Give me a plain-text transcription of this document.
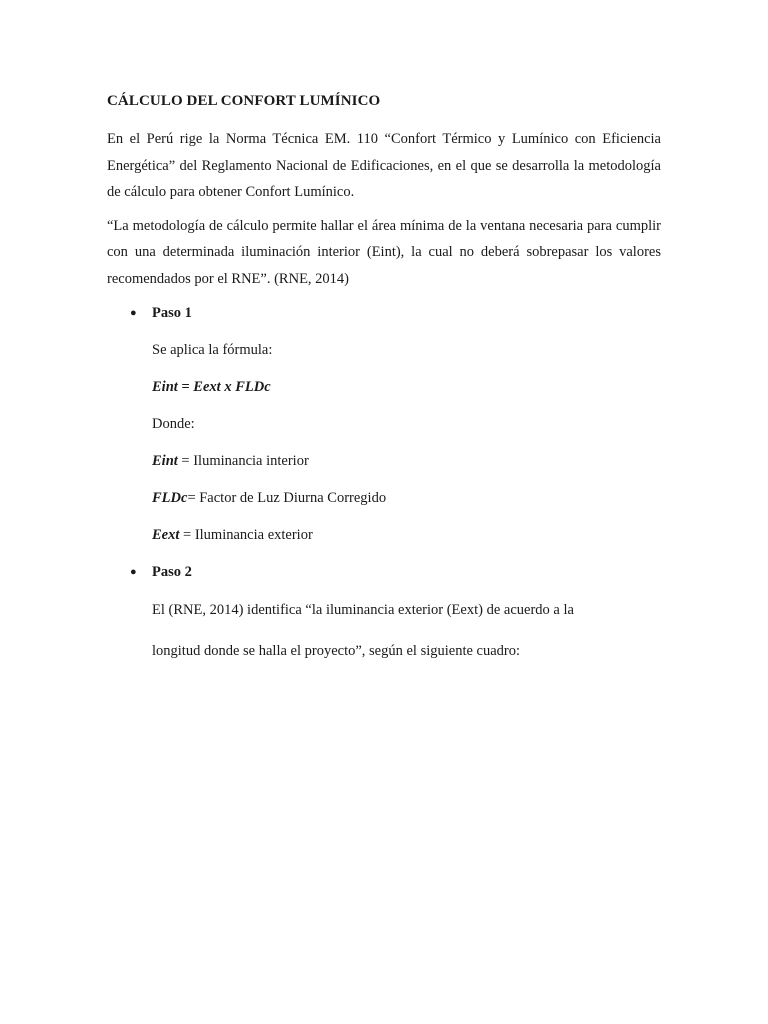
CÁLCULO DEL CONFORT LUMÍNICO

En el Perú rige la Norma Técnica EM. 110 “Confort Térmico y Lumínico con Eficiencia Energética” del Reglamento Nacional de Edificaciones, en el que se desarrolla la metodología de cálculo para obtener Confort Lumínico.

“La metodología de cálculo permite hallar el área mínima de la ventana necesaria para cumplir con una determinada iluminación interior (Eint), la cual no deberá sobrepasar los valores recomendados por el RNE”. (RNE, 2014)

● Paso 1

Se aplica la fórmula:

Eint = Eext x FLDc

Donde:

Eint = Iluminancia interior

FLDc= Factor de Luz Diurna Corregido

Eext = Iluminancia exterior

● Paso 2

El (RNE, 2014) identifica “la iluminancia exterior (Eext) de acuerdo a la

longitud donde se halla el proyecto”, según el siguiente cuadro:
